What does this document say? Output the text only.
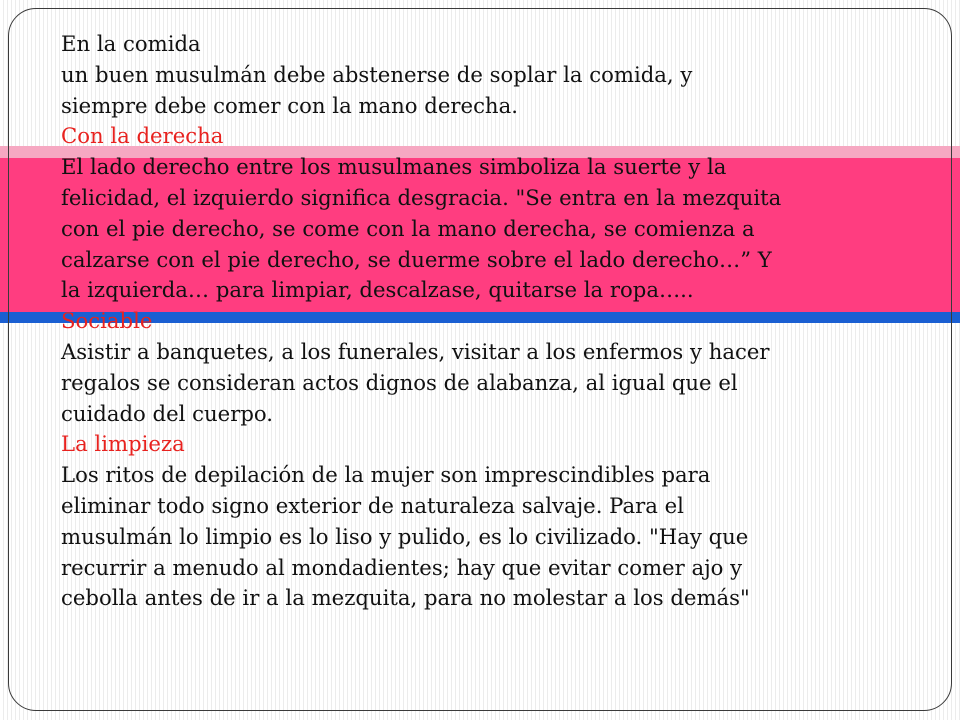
En la comida
un buen musulmán debe abstenerse de soplar la comida, y
siempre debe comer con la mano derecha.
Con la derecha
El lado derecho entre los musulmanes simboliza la suerte y la
felicidad, el izquierdo significa desgracia. "Se entra en la mezquita
con el pie derecho, se come con la mano derecha, se comienza a
calzarse con el pie derecho, se duerme sobre el lado derecho…” Y
la izquierda… para limpiar, descalzase, quitarse la ropa…..
Sociable
Asistir a banquetes, a los funerales, visitar a los enfermos y hacer
regalos se consideran actos dignos de alabanza, al igual que el
cuidado del cuerpo.
La limpieza
Los ritos de depilación de la mujer son imprescindibles para
eliminar todo signo exterior de naturaleza salvaje. Para el
musulmán lo limpio es lo liso y pulido, es lo civilizado. "Hay que
recurrir a menudo al mondadientes; hay que evitar comer ajo y
cebolla antes de ir a la mezquita, para no molestar a los demás"
